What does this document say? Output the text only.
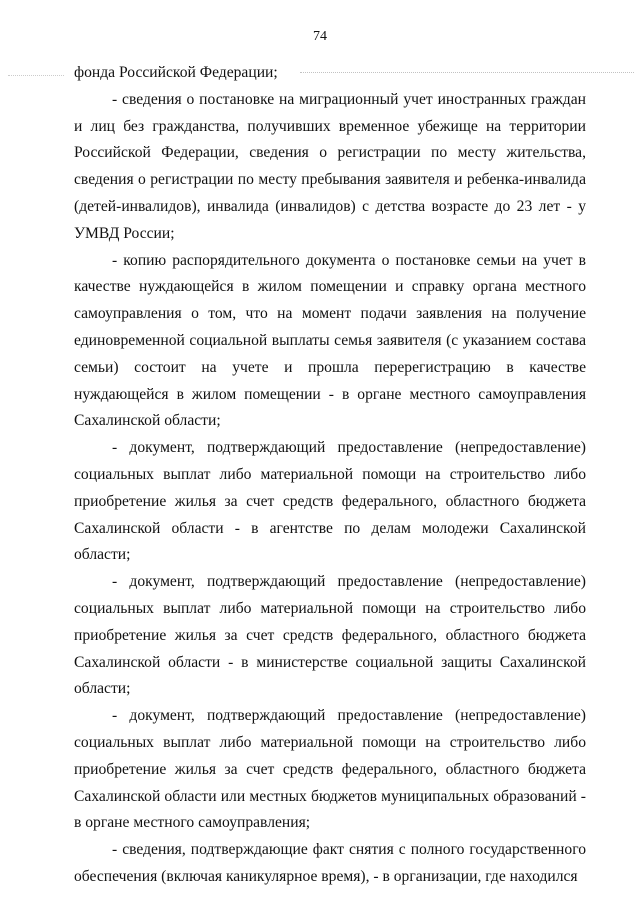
74

фонда Российской Федерации;

- сведения о постановке на миграционный учет иностранных граждан и лиц без гражданства, получивших временное убежище на территории Российской Федерации, сведения о регистрации по месту жительства, сведения о регистрации по месту пребывания заявителя и ребенка-инвалида (детей-инвалидов), инвалида (инвалидов) с детства возрасте до 23 лет - у УМВД России;

- копию распорядительного документа о постановке семьи на учет в качестве нуждающейся в жилом помещении и справку органа местного самоуправления о том, что на момент подачи заявления на получение единовременной социальной выплаты семья заявителя (с указанием состава семьи) состоит на учете и прошла перерегистрацию в качестве нуждающейся в жилом помещении - в органе местного самоуправления Сахалинской области;

- документ, подтверждающий предоставление (непредоставление) социальных выплат либо материальной помощи на строительство либо приобретение жилья за счет средств федерального, областного бюджета Сахалинской области - в агентстве по делам молодежи Сахалинской области;

- документ, подтверждающий предоставление (непредоставление) социальных выплат либо материальной помощи на строительство либо приобретение жилья за счет средств федерального, областного бюджета Сахалинской области - в министерстве социальной защиты Сахалинской области;

- документ, подтверждающий предоставление (непредоставление) социальных выплат либо материальной помощи на строительство либо приобретение жилья за счет средств федерального, областного бюджета Сахалинской области или местных бюджетов муниципальных образований - в органе местного самоуправления;

- сведения, подтверждающие факт снятия с полного государственного обеспечения (включая каникулярное время), - в организации, где находился
